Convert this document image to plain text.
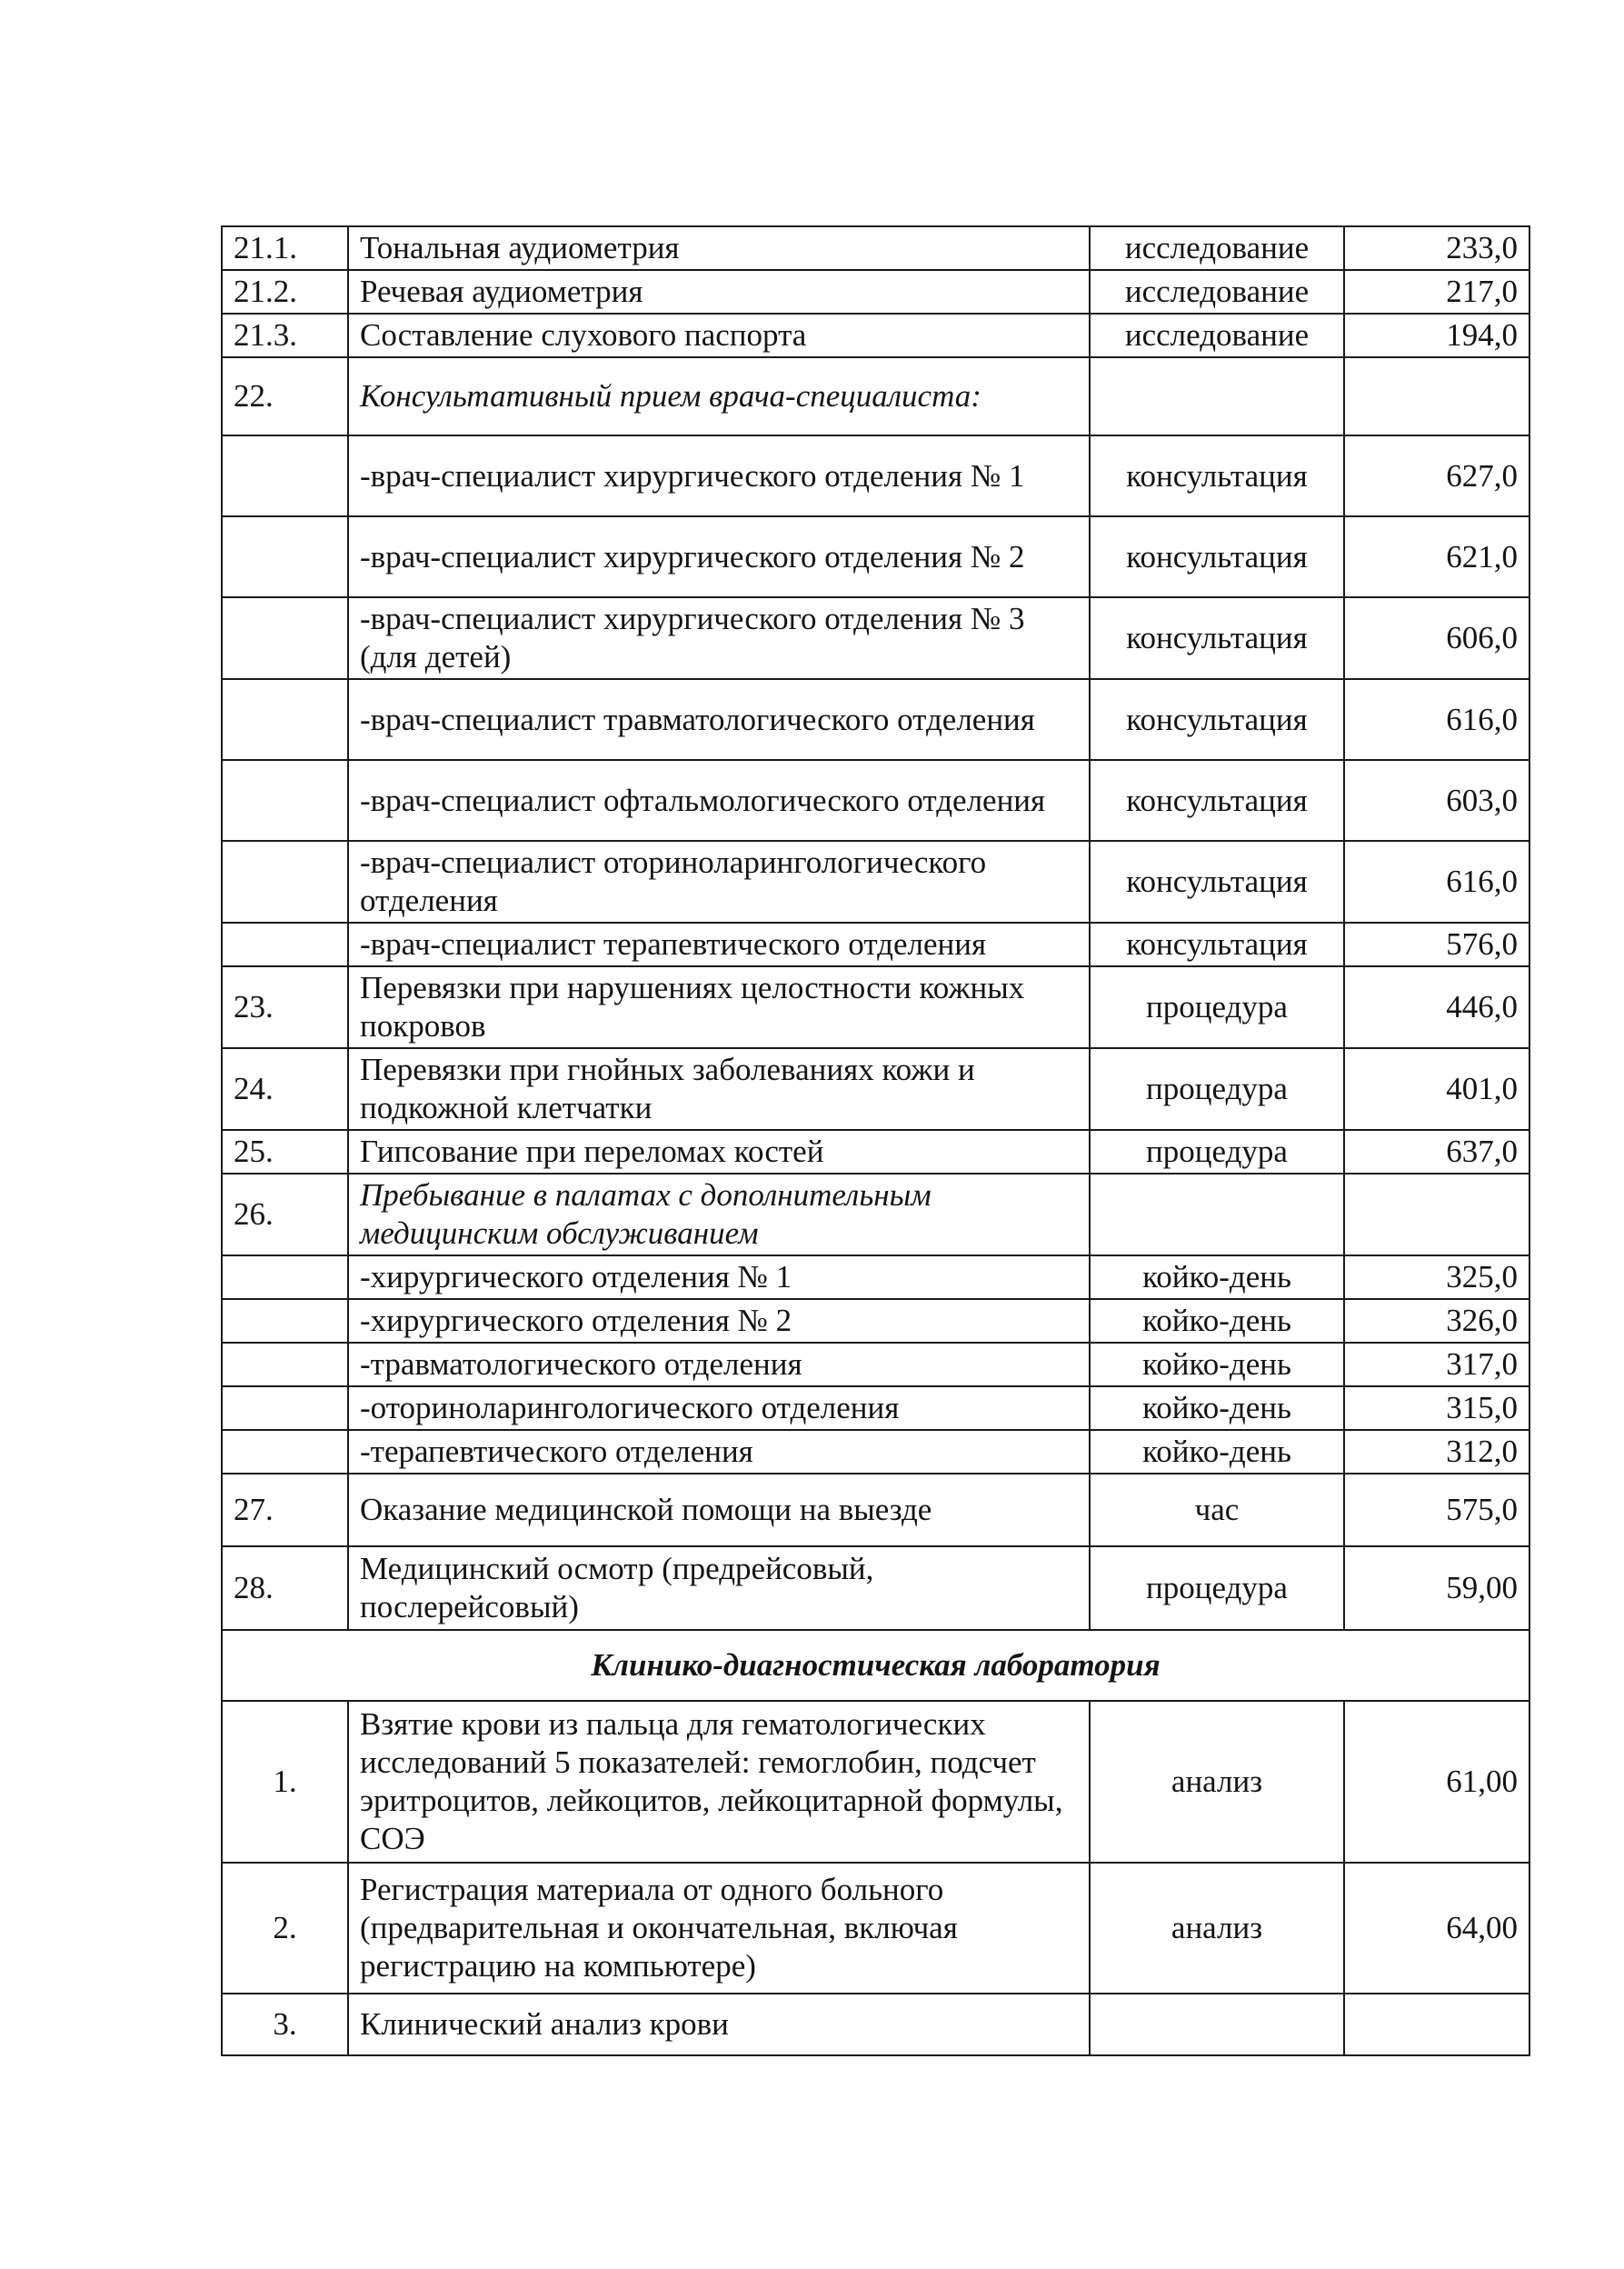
21.1.	Тональная аудиометрия	исследование	233,0
21.2.	Речевая аудиометрия	исследование	217,0
21.3.	Составление слухового паспорта	исследование	194,0
22.	Консультативный прием врача-специалиста:		
	-врач-специалист хирургического отделения № 1	консультация	627,0
	-врач-специалист хирургического отделения № 2	консультация	621,0
	-врач-специалист хирургического отделения № 3 (для детей)	консультация	606,0
	-врач-специалист травматологического отделения	консультация	616,0
	-врач-специалист офтальмологического отделения	консультация	603,0
	-врач-специалист оториноларингологического отделения	консультация	616,0
	-врач-специалист терапевтического отделения	консультация	576,0
23.	Перевязки при нарушениях целостности кожных покровов	процедура	446,0
24.	Перевязки при гнойных заболеваниях кожи и подкожной клетчатки	процедура	401,0
25.	Гипсование при переломах костей	процедура	637,0
26.	Пребывание в палатах с дополнительным медицинским обслуживанием		
	-хирургического отделения № 1	койко-день	325,0
	-хирургического отделения № 2	койко-день	326,0
	-травматологического отделения	койко-день	317,0
	-оториноларингологического отделения	койко-день	315,0
	-терапевтического отделения	койко-день	312,0
27.	Оказание медицинской помощи на выезде	час	575,0
28.	Медицинский осмотр (предрейсовый, послерейсовый)	процедура	59,00
Клинико-диагностическая лаборатория			
1.	Взятие крови из пальца для гематологических исследований 5 показателей: гемоглобин, подсчет эритроцитов, лейкоцитов, лейкоцитарной формулы, СОЭ	анализ	61,00
2.	Регистрация материала от одного больного (предварительная и окончательная, включая регистрацию на компьютере)	анализ	64,00
3.	Клинический анализ крови		
